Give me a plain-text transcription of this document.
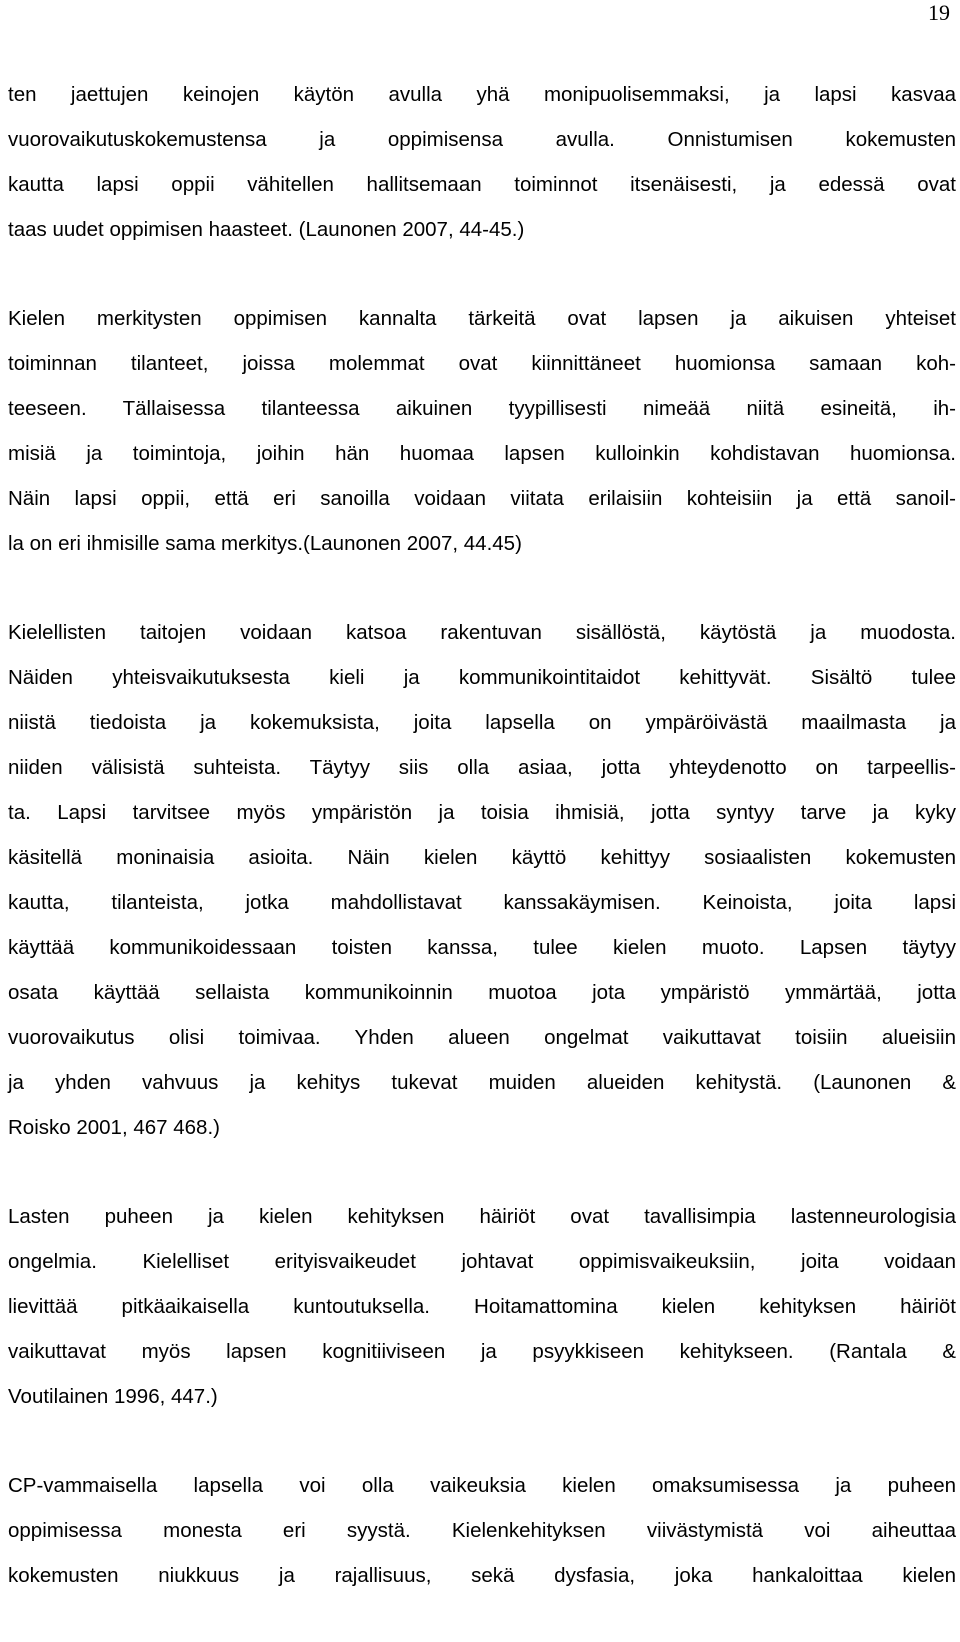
19

ten jaettujen keinojen käytön avulla yhä monipuolisemmaksi, ja lapsi kasvaa
vuorovaikutuskokemustensa ja oppimisensa avulla. Onnistumisen kokemusten
kautta lapsi oppii vähitellen hallitsemaan toiminnot itsenäisesti, ja edessä ovat
taas uudet oppimisen haasteet. (Launonen 2007, 44-45.)

Kielen merkitysten oppimisen kannalta tärkeitä ovat lapsen ja aikuisen yhteiset
toiminnan tilanteet, joissa molemmat ovat kiinnittäneet huomionsa samaan koh-
teeseen. Tällaisessa tilanteessa aikuinen tyypillisesti nimeää niitä esineitä, ih-
misiä ja toimintoja, joihin hän huomaa lapsen kulloinkin kohdistavan huomionsa.
Näin lapsi oppii, että eri sanoilla voidaan viitata erilaisiin kohteisiin ja että sanoil-
la on eri ihmisille sama merkitys.(Launonen 2007, 44.45)

Kielellisten taitojen voidaan katsoa rakentuvan sisällöstä, käytöstä ja muodosta.
Näiden yhteisvaikutuksesta kieli ja kommunikointitaidot kehittyvät. Sisältö tulee
niistä tiedoista ja kokemuksista, joita lapsella on ympäröivästä maailmasta ja
niiden välisistä suhteista. Täytyy siis olla asiaa, jotta yhteydenotto on tarpeellis-
ta. Lapsi tarvitsee myös ympäristön ja toisia ihmisiä, jotta syntyy tarve ja kyky
käsitellä moninaisia asioita. Näin kielen käyttö kehittyy sosiaalisten kokemusten
kautta, tilanteista, jotka mahdollistavat kanssakäymisen. Keinoista, joita lapsi
käyttää kommunikoidessaan toisten kanssa, tulee kielen muoto. Lapsen täytyy
osata käyttää sellaista kommunikoinnin muotoa jota ympäristö ymmärtää, jotta
vuorovaikutus olisi toimivaa. Yhden alueen ongelmat vaikuttavat toisiin alueisiin
ja yhden vahvuus ja kehitys tukevat muiden alueiden kehitystä. (Launonen &
Roisko 2001, 467 468.)

Lasten puheen ja kielen kehityksen häiriöt ovat tavallisimpia lastenneurologisia
ongelmia. Kielelliset erityisvaikeudet johtavat oppimisvaikeuksiin, joita voidaan
lievittää pitkäaikaisella kuntoutuksella. Hoitamattomina kielen kehityksen häiriöt
vaikuttavat myös lapsen kognitiiviseen ja psyykkiseen kehitykseen. (Rantala &
Voutilainen 1996, 447.)

CP-vammaisella lapsella voi olla vaikeuksia kielen omaksumisessa ja puheen
oppimisessa monesta eri syystä. Kielenkehityksen viivästymistä voi aiheuttaa
kokemusten niukkuus ja rajallisuus, sekä dysfasia, joka hankaloittaa kielen
